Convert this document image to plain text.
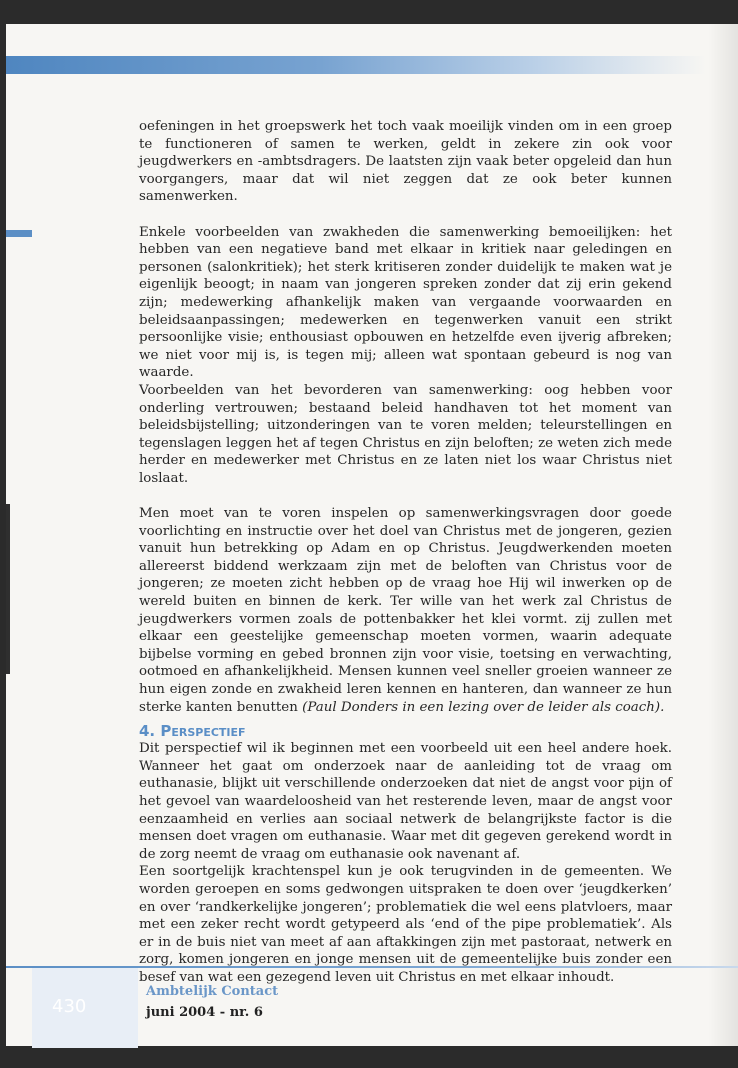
430
Ambtelijk Contact
juni 2004 - nr. 6

oefeningen in het groepswerk het toch vaak moeilijk vinden om in een groep te functioneren of samen te werken, geldt in zekere zin ook voor jeugdwerkers en -ambtsdragers. De laatsten zijn vaak beter opgeleid dan hun voorgangers, maar dat wil niet zeggen dat ze ook beter kunnen samenwerken.

Enkele voorbeelden van zwakheden die samenwerking bemoeilijken: het hebben van een negatieve band met elkaar in kritiek naar geledingen en personen (salonkritiek); het sterk kritiseren zonder duidelijk te maken wat je eigenlijk beoogt; in naam van jongeren spreken zonder dat zij erin gekend zijn; medewerking afhankelijk maken van vergaande voorwaarden en beleidsaanpassingen; medewerken en tegenwerken vanuit een strikt persoonlijke visie; enthousiast opbouwen en hetzelfde even ijverig afbreken; we niet voor mij is, is tegen mij; alleen wat spontaan gebeurd is nog van waarde.

Voorbeelden van het bevorderen van samenwerking: oog hebben voor onderling vertrouwen; bestaand beleid handhaven tot het moment van beleidsbijstelling; uitzonderingen van te voren melden; teleurstellingen en tegenslagen leggen het af tegen Christus en zijn beloften; ze weten zich mede herder en medewerker met Christus en ze laten niet los waar Christus niet loslaat.

Men moet van te voren inspelen op samenwerkingsvragen door goede voorlichting en instructie over het doel van Christus met de jongeren, gezien vanuit hun betrekking op Adam en op Christus. Jeugdwerkenden moeten allereerst biddend werkzaam zijn met de beloften van Christus voor de jongeren; ze moeten zicht hebben op de vraag hoe Hij wil inwerken op de wereld buiten en binnen de kerk. Ter wille van het werk zal Christus de jeugdwerkers vormen zoals de pottenbakker het klei vormt. zij zullen met elkaar een geestelijke gemeenschap moeten vormen, waarin adequate bijbelse vorming en gebed bronnen zijn voor visie, toetsing en verwachting, ootmoed en afhankelijkheid. Mensen kunnen veel sneller groeien wanneer ze hun eigen zonde en zwakheid leren kennen en hanteren, dan wanneer ze hun sterke kanten benutten (Paul Donders in een lezing over de leider als coach).

4. Perspectief

Dit perspectief wil ik beginnen met een voorbeeld uit een heel andere hoek. Wanneer het gaat om onderzoek naar de aanleiding tot de vraag om euthanasie, blijkt uit verschillende onderzoeken dat niet de angst voor pijn of het gevoel van waardeloosheid van het resterende leven, maar de angst voor eenzaamheid en verlies aan sociaal netwerk de belangrijkste factor is die mensen doet vragen om euthanasie. Waar met dit gegeven gerekend wordt in de zorg neemt de vraag om euthanasie ook navenant af.

Een soortgelijk krachtenspel kun je ook terugvinden in de gemeenten. We worden geroepen en soms gedwongen uitspraken te doen over ‘jeugdkerken’ en over ‘randkerkelijke jongeren’; problematiek die wel eens platvloers, maar met een zeker recht wordt getypeerd als ‘end of the pipe problematiek’. Als er in de buis niet van meet af aan aftakkingen zijn met pastoraat, netwerk en zorg, komen jongeren en jonge mensen uit de gemeentelijke buis zonder een besef van wat een gezegend leven uit Christus en met elkaar inhoudt.
